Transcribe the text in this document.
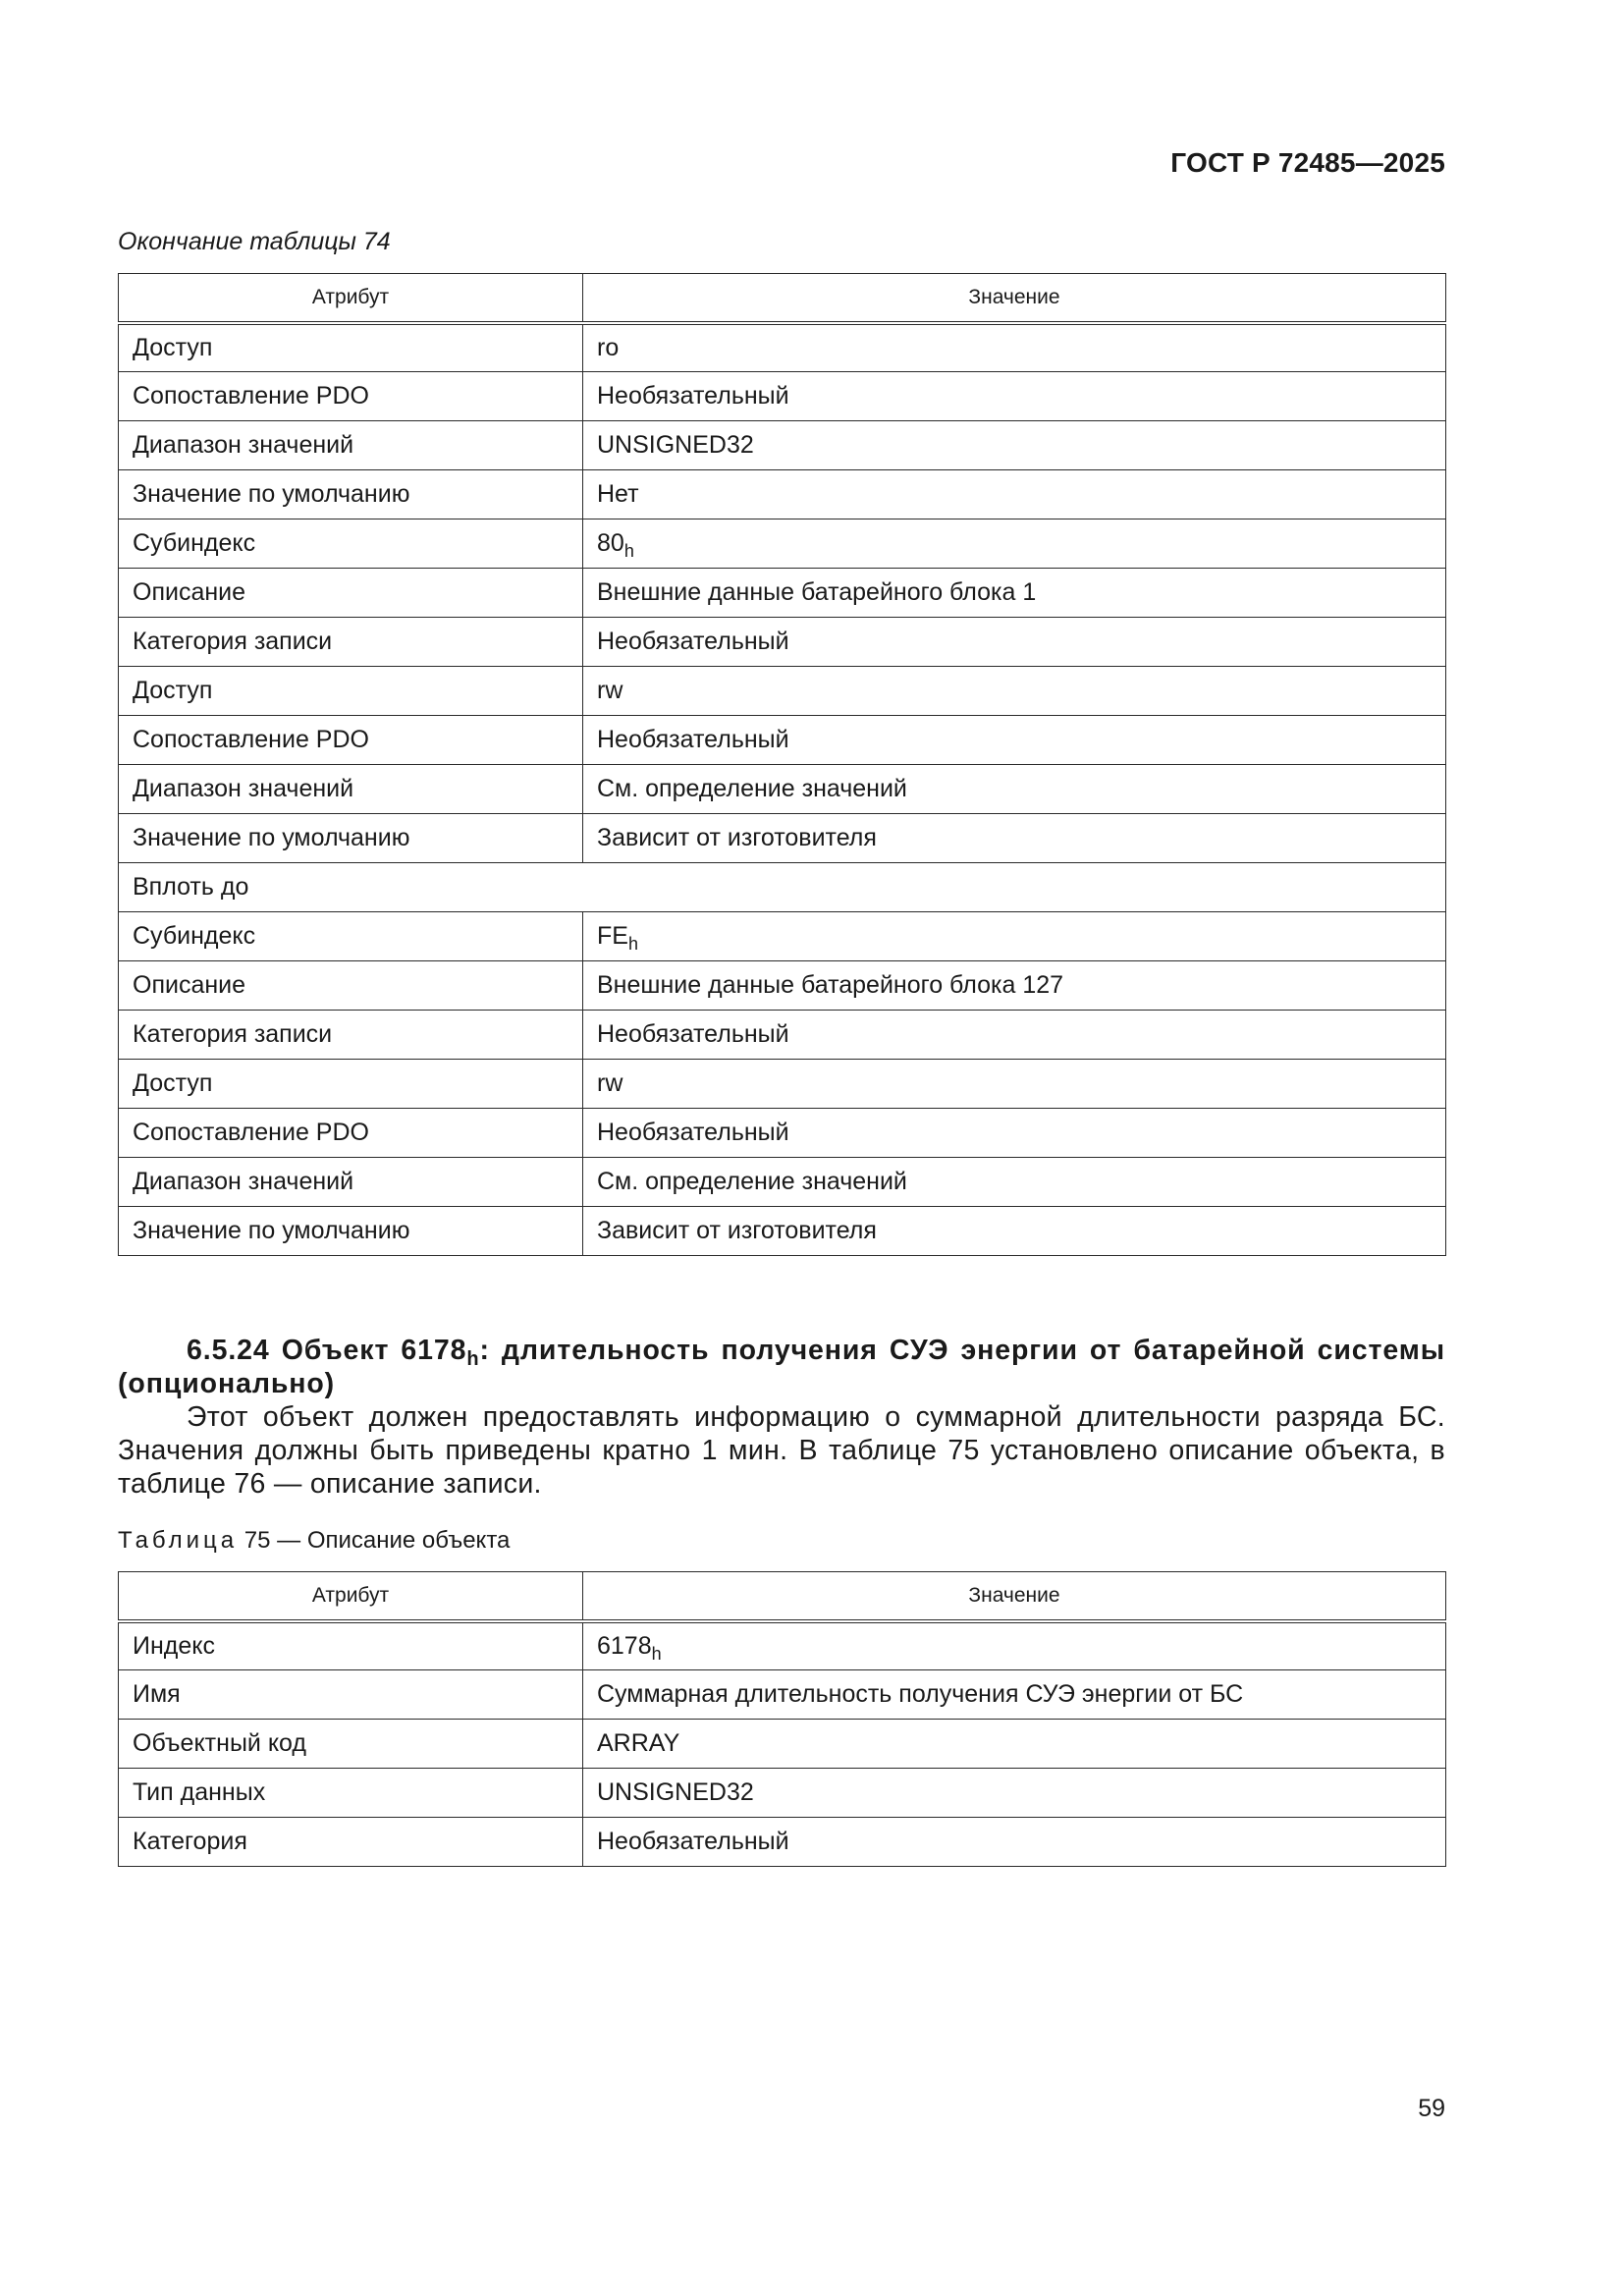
ГОСТ Р 72485—2025
Окончание таблицы 74
Атрибут	Значение
Доступ	ro
Сопоставление PDO	Необязательный
Диапазон значений	UNSIGNED32
Значение по умолчанию	Нет
Субиндекс	$80_h$
Описание	Внешние данные батарейного блока 1
Категория записи	Необязательный
Доступ	rw
Сопоставление PDO	Необязательный
Диапазон значений	См. определение значений
Значение по умолчанию	Зависит от изготовителя
Вплоть до	
Субиндекс	$FE_h$
Описание	Внешние данные батарейного блока 127
Категория записи	Необязательный
Доступ	rw
Сопоставление PDO	Необязательный
Диапазон значений	См. определение значений
Значение по умолчанию	Зависит от изготовителя
6.5.24 Объект $6178_h$: длительность получения СУЭ энергии от батарейной системы (опционально)
Этот объект должен предоставлять информацию о суммарной длительности разряда БС. Значения должны быть приведены кратно 1 мин. В таблице 75 установлено описание объекта, в таблице 76 — описание записи.
Таблица 75 — Описание объекта
Атрибут	Значение
Индекс	$6178_h$
Имя	Суммарная длительность получения СУЭ энергии от БС
Объектный код	ARRAY
Тип данных	UNSIGNED32
Категория	Необязательный
59
